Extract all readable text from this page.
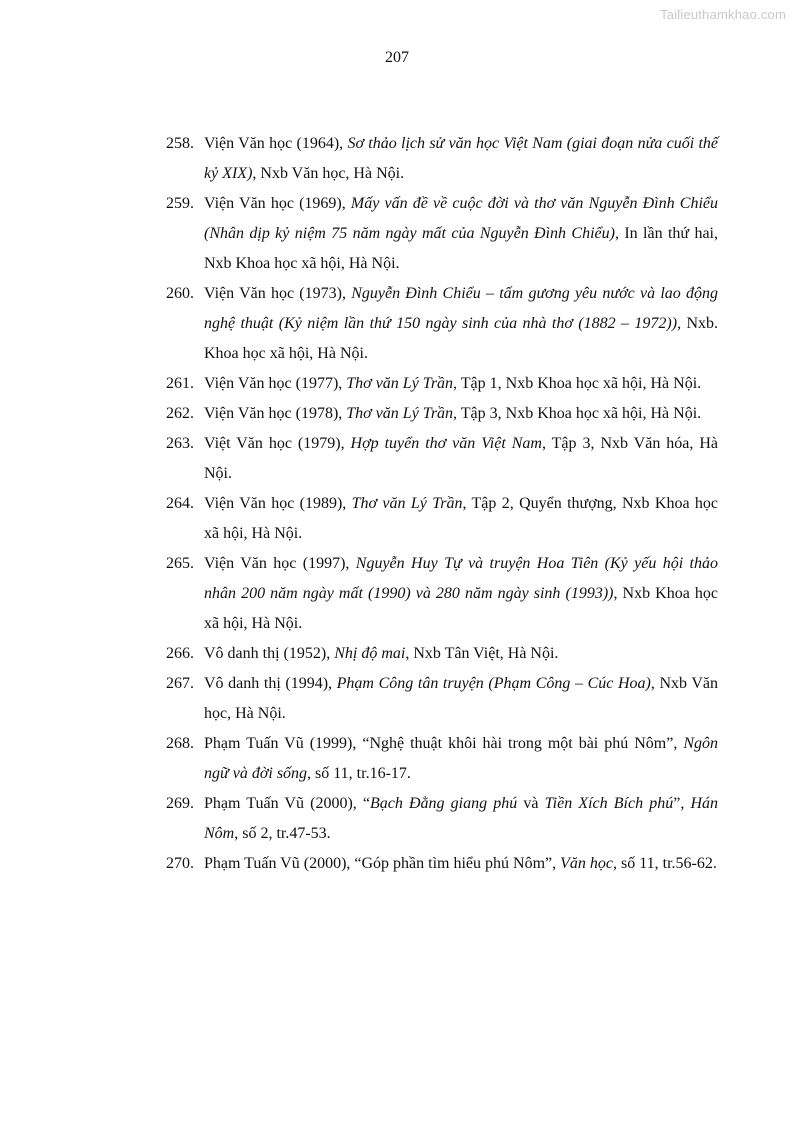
Tailieuthamkhao.com
207
258. Viện Văn học (1964), Sơ thảo lịch sử văn học Việt Nam (giai đoạn nửa cuối thế kỷ XIX), Nxb Văn học, Hà Nội.
259. Viện Văn học (1969), Mấy vấn đề về cuộc đời và thơ văn Nguyễn Đình Chiểu (Nhân dịp kỷ niệm 75 năm ngày mất của Nguyễn Đình Chiểu), In lần thứ hai, Nxb Khoa học xã hội, Hà Nội.
260. Viện Văn học (1973), Nguyễn Đình Chiểu – tấm gương yêu nước và lao động nghệ thuật (Kỷ niệm lần thứ 150 ngày sinh của nhà thơ (1882 – 1972)), Nxb. Khoa học xã hội, Hà Nội.
261. Viện Văn học (1977), Thơ văn Lý Trần, Tập 1, Nxb Khoa học xã hội, Hà Nội.
262. Viện Văn học (1978), Thơ văn Lý Trần, Tập 3, Nxb Khoa học xã hội, Hà Nội.
263. Việt Văn học (1979), Hợp tuyển thơ văn Việt Nam, Tập 3, Nxb Văn hóa, Hà Nội.
264. Viện Văn học (1989), Thơ văn Lý Trần, Tập 2, Quyển thượng, Nxb Khoa học xã hội, Hà Nội.
265. Viện Văn học (1997), Nguyễn Huy Tự và truyện Hoa Tiên (Kỷ yếu hội thảo nhân 200 năm ngày mất (1990) và 280 năm ngày sinh (1993)), Nxb Khoa học xã hội, Hà Nội.
266. Vô danh thị (1952), Nhị độ mai, Nxb Tân Việt, Hà Nội.
267. Vô danh thị (1994), Phạm Công tân truyện (Phạm Công – Cúc Hoa), Nxb Văn học, Hà Nội.
268. Phạm Tuấn Vũ (1999), “Nghệ thuật khôi hài trong một bài phú Nôm”, Ngôn ngữ và đời sống, số 11, tr.16-17.
269. Phạm Tuấn Vũ (2000), “Bạch Đằng giang phú và Tiền Xích Bích phú”, Hán Nôm, số 2, tr.47-53.
270. Phạm Tuấn Vũ (2000), “Góp phần tìm hiểu phú Nôm”, Văn học, số 11, tr.56-62.
